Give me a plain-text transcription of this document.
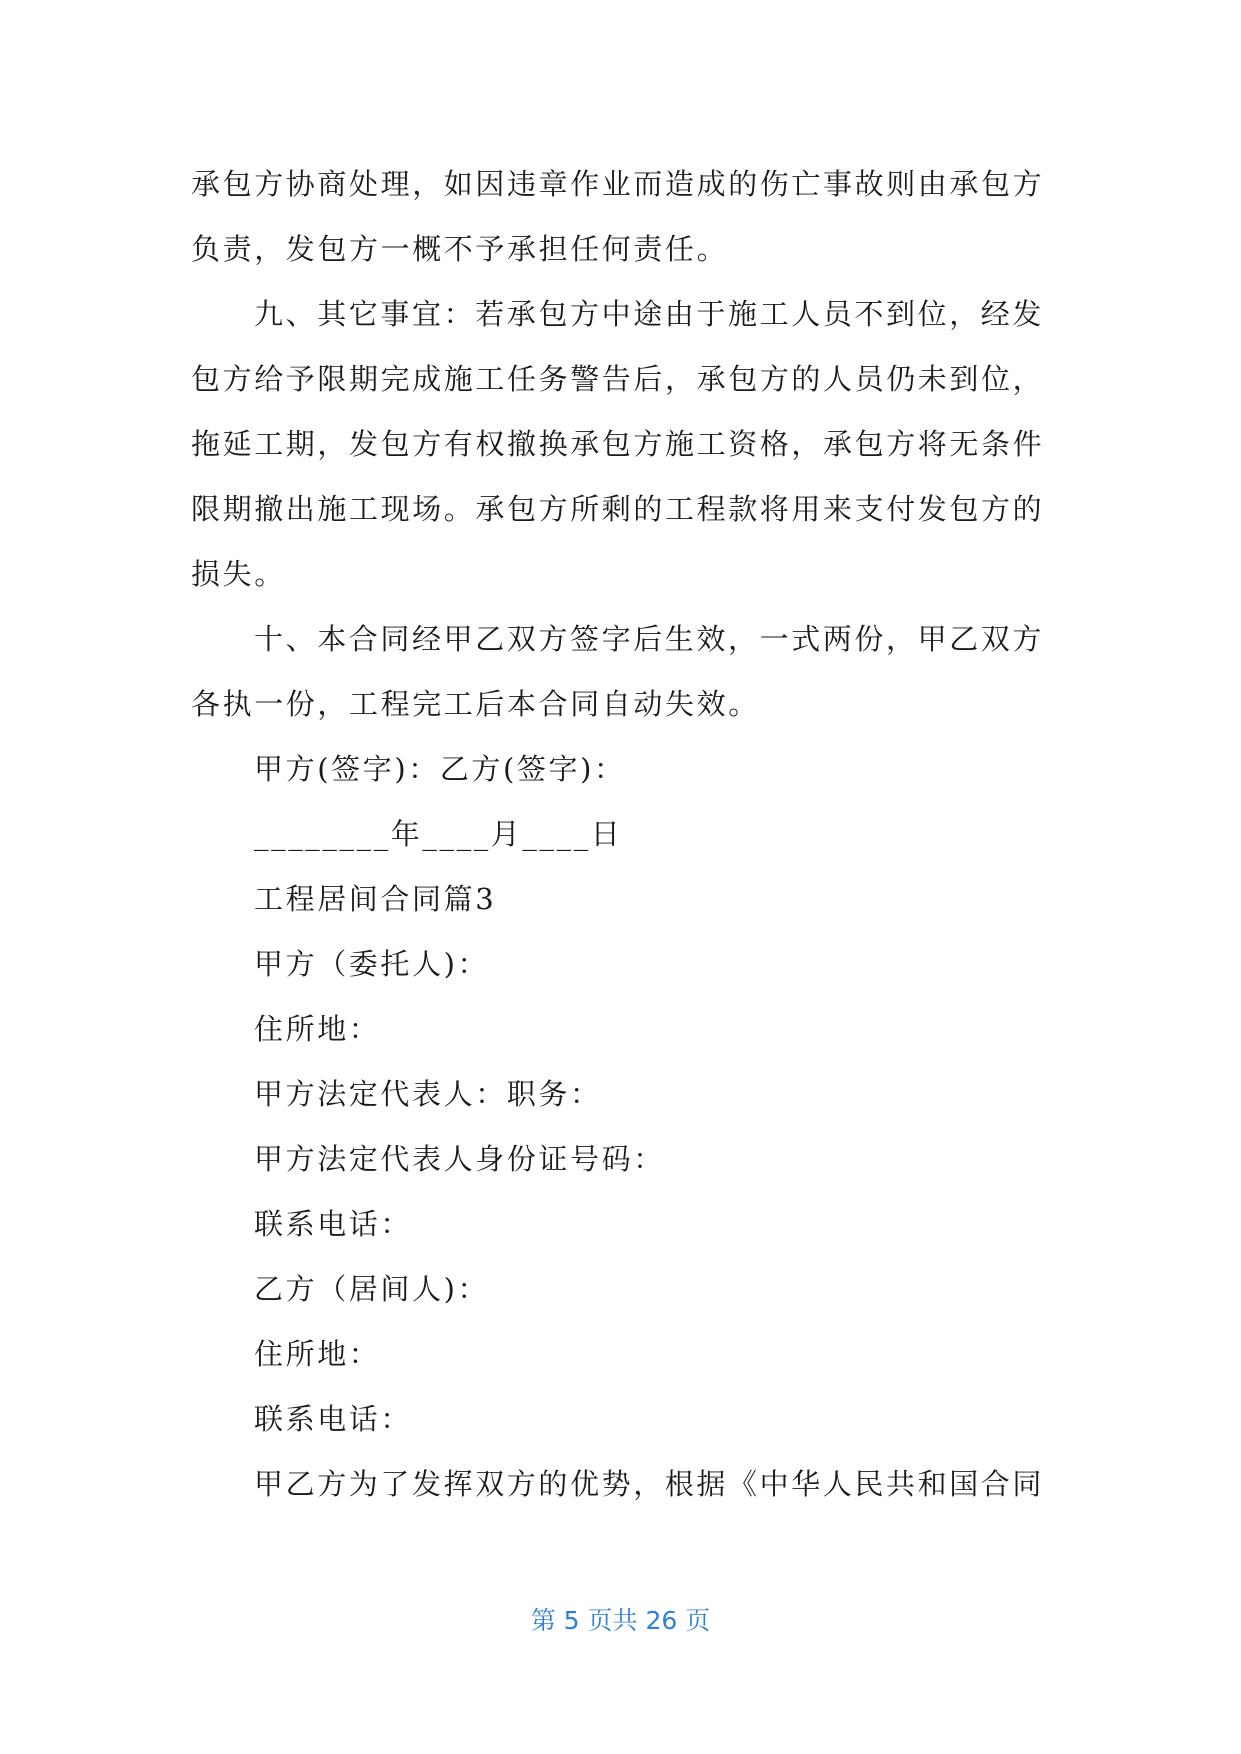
承包方协商处理，如因违章作业而造成的伤亡事故则由承包方
负责，发包方一概不予承担任何责任。
九、其它事宜：若承包方中途由于施工人员不到位，经发
包方给予限期完成施工任务警告后，承包方的人员仍未到位，
拖延工期，发包方有权撤换承包方施工资格，承包方将无条件
限期撤出施工现场。承包方所剩的工程款将用来支付发包方的
损失。
十、本合同经甲乙双方签字后生效，一式两份，甲乙双方
各执一份，工程完工后本合同自动失效。
甲方(签字)：乙方(签字)：
________年____月____日
工程居间合同篇3
甲方（委托人)：
住所地：
甲方法定代表人：职务：
甲方法定代表人身份证号码：
联系电话：
乙方（居间人)：
住所地：
联系电话：
甲乙方为了发挥双方的优势，根据《中华人民共和国合同
第 5 页共 26 页
